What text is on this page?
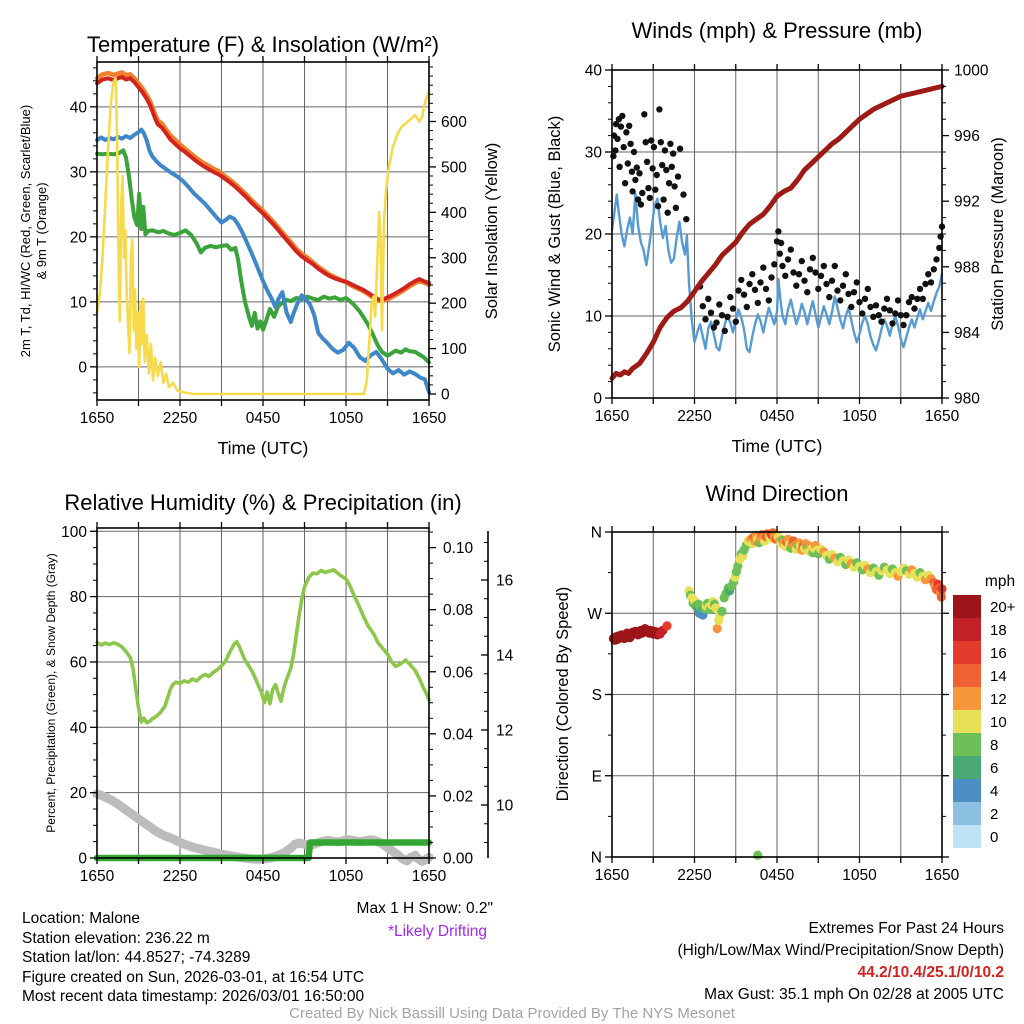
1650	2250	0450	1050	1650
0
10
20
30
40
0
100
200
300
400
500
600
1650	2250	0450	1050	1650
0
10
20
30
40
980
984
988
992
996
1000
1650	2250	0450	1050	1650
0
20
40
60
80
100
0.00
0.02
0.04
0.06
0.08
0.10
10
12
14
16
1650	2250	0450	1050	1650
N
W
S
E
N
20+
18
16
14
12
10
8
6
4
2
0
Temperature (F) & Insolation (W/m²)
Winds (mph) & Pressure (mb)
Relative Humidity (%) & Precipitation (in)	Wind Direction
Time (UTC)	Time (UTC)
2m T, Td, HI/WC (Red, Green, Scarlet/Blue) & 9m T (Orange)	Solar Insolation (Yellow)	Sonic Wind & Gust (Blue, Black)	Station Pressure (Maroon)
Percent, Precipitation (Green), & Snow Depth (Gray)	Direction (Colored By Speed)
mph
Location: Malone
Station elevation: 236.22 m
Station lat/lon: 44.8527; -74.3289
Figure created on Sun, 2026-03-01, at 16:54 UTC
Most recent data timestamp: 2026/03/01 16:50:00
Max 1 H Snow: 0.2"
*Likely Drifting	Extremes For Past 24 Hours
(High/Low/Max Wind/Precipitation/Snow Depth)
44.2/10.4/25.1/0/10.2
Max Gust: 35.1 mph On 02/28 at 2005 UTC
Created By Nick Bassill Using Data Provided By The NYS Mesonet
